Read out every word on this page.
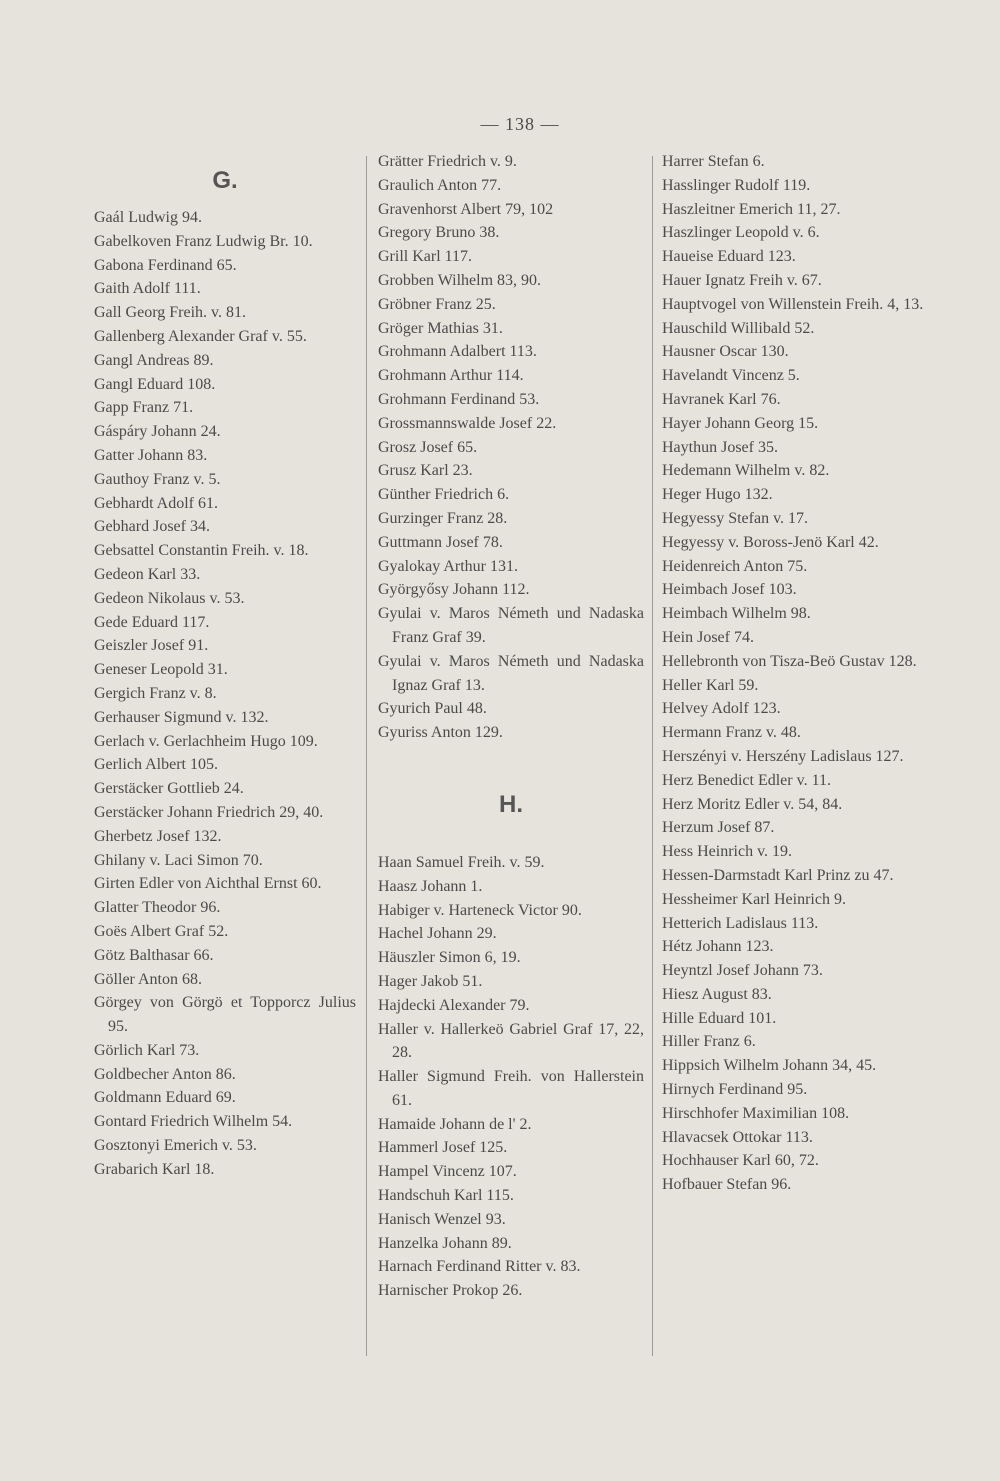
— 138 —
G.
Gaál Ludwig 94.
Gabelkoven Franz Ludwig Br. 10.
Gabona Ferdinand 65.
Gaith Adolf 111.
Gall Georg Freih. v. 81.
Gallenberg Alexander Graf v. 55.
Gangl Andreas 89.
Gangl Eduard 108.
Gapp Franz 71.
Gáspáry Johann 24.
Gatter Johann 83.
Gauthoy Franz v. 5.
Gebhardt Adolf 61.
Gebhard Josef 34.
Gebsattel Constantin Freih. v. 18.
Gedeon Karl 33.
Gedeon Nikolaus v. 53.
Gede Eduard 117.
Geiszler Josef 91.
Geneser Leopold 31.
Gergich Franz v. 8.
Gerhauser Sigmund v. 132.
Gerlach v. Gerlachheim Hugo 109.
Gerlich Albert 105.
Gerstäcker Gottlieb 24.
Gerstäcker Johann Friedrich 29, 40.
Gherbetz Josef 132.
Ghilany v. Laci Simon 70.
Girten Edler von Aichthal Ernst 60.
Glatter Theodor 96.
Goës Albert Graf 52.
Götz Balthasar 66.
Göller Anton 68.
Görgey von Görgö et Topporcz Julius 95.
Görlich Karl 73.
Goldbecher Anton 86.
Goldmann Eduard 69.
Gontard Friedrich Wilhelm 54.
Gosztonyi Emerich v. 53.
Grabarich Karl 18.
Grätter Friedrich v. 9.
Graulich Anton 77.
Gravenhorst Albert 79, 102
Gregory Bruno 38.
Grill Karl 117.
Grobben Wilhelm 83, 90.
Gröbner Franz 25.
Gröger Mathias 31.
Grohmann Adalbert 113.
Grohmann Arthur 114.
Grohmann Ferdinand 53.
Grossmannswalde Josef 22.
Grosz Josef 65.
Grusz Karl 23.
Günther Friedrich 6.
Gurzinger Franz 28.
Guttmann Josef 78.
Gyalokay Arthur 131.
Györgyősy Johann 112.
Gyulai v. Maros Németh und Nadaska Franz Graf 39.
Gyulai v. Maros Németh und Nadaska Ignaz Graf 13.
Gyurich Paul 48.
Gyuriss Anton 129.
H.
Haan Samuel Freih. v. 59.
Haasz Johann 1.
Habiger v. Harteneck Victor 90.
Hachel Johann 29.
Häuszler Simon 6, 19.
Hager Jakob 51.
Hajdecki Alexander 79.
Haller v. Hallerkeö Gabriel Graf 17, 22, 28.
Haller Sigmund Freih. von Hallerstein 61.
Hamaide Johann de l' 2.
Hammerl Josef 125.
Hampel Vincenz 107.
Handschuh Karl 115.
Hanisch Wenzel 93.
Hanzelka Johann 89.
Harnach Ferdinand Ritter v. 83.
Harnischer Prokop 26.
Harrer Stefan 6.
Hasslinger Rudolf 119.
Haszleitner Emerich 11, 27.
Haszlinger Leopold v. 6.
Haueise Eduard 123.
Hauer Ignatz Freih v. 67.
Hauptvogel von Willenstein Freih. 4, 13.
Hauschild Willibald 52.
Hausner Oscar 130.
Havelandt Vincenz 5.
Havranek Karl 76.
Hayer Johann Georg 15.
Haythun Josef 35.
Hedemann Wilhelm v. 82.
Heger Hugo 132.
Hegyessy Stefan v. 17.
Hegyessy v. Boross-Jenö Karl 42.
Heidenreich Anton 75.
Heimbach Josef 103.
Heimbach Wilhelm 98.
Hein Josef 74.
Hellebronth von Tisza-Beö Gustav 128.
Heller Karl 59.
Helvey Adolf 123.
Hermann Franz v. 48.
Herszényi v. Herszény Ladislaus 127.
Herz Benedict Edler v. 11.
Herz Moritz Edler v. 54, 84.
Herzum Josef 87.
Hess Heinrich v. 19.
Hessen-Darmstadt Karl Prinz zu 47.
Hessheimer Karl Heinrich 9.
Hetterich Ladislaus 113.
Hétz Johann 123.
Heyntzl Josef Johann 73.
Hiesz August 83.
Hille Eduard 101.
Hiller Franz 6.
Hippsich Wilhelm Johann 34, 45.
Hirnych Ferdinand 95.
Hirschhofer Maximilian 108.
Hlavacsek Ottokar 113.
Hochhauser Karl 60, 72.
Hofbauer Stefan 96.
